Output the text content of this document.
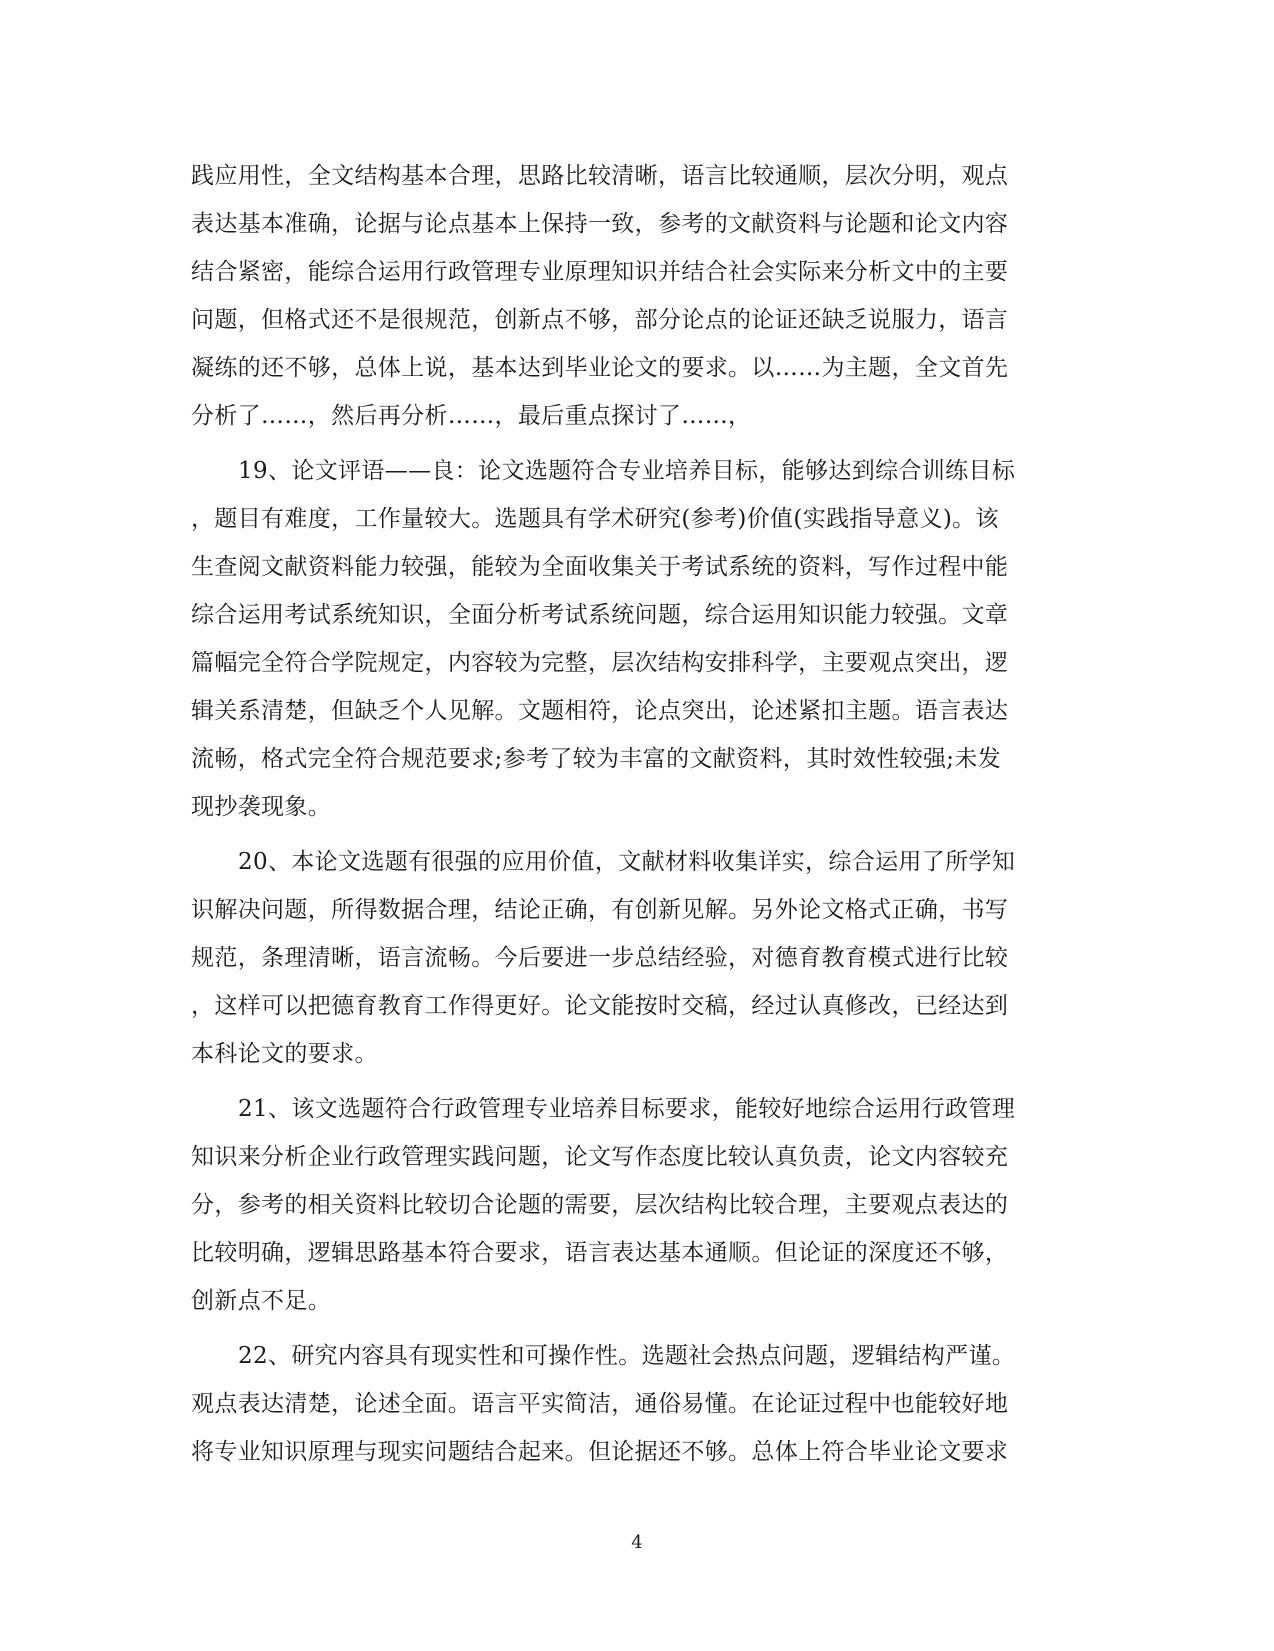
践应用性，全文结构基本合理，思路比较清晰，语言比较通顺，层次分明，观点
表达基本准确，论据与论点基本上保持一致，参考的文献资料与论题和论文内容
结合紧密，能综合运用行政管理专业原理知识并结合社会实际来分析文中的主要
问题，但格式还不是很规范，创新点不够，部分论点的论证还缺乏说服力，语言
凝练的还不够，总体上说，基本达到毕业论文的要求。以……为主题，全文首先
分析了……，然后再分析……，最后重点探讨了……，
19、论文评语——良：论文选题符合专业培养目标，能够达到综合训练目标
，题目有难度，工作量较大。选题具有学术研究(参考)价值(实践指导意义)。该
生查阅文献资料能力较强，能较为全面收集关于考试系统的资料，写作过程中能
综合运用考试系统知识，全面分析考试系统问题，综合运用知识能力较强。文章
篇幅完全符合学院规定，内容较为完整，层次结构安排科学，主要观点突出，逻
辑关系清楚，但缺乏个人见解。文题相符，论点突出，论述紧扣主题。语言表达
流畅，格式完全符合规范要求;参考了较为丰富的文献资料，其时效性较强;未发
现抄袭现象。
20、本论文选题有很强的应用价值，文献材料收集详实，综合运用了所学知
识解决问题，所得数据合理，结论正确，有创新见解。另外论文格式正确，书写
规范，条理清晰，语言流畅。今后要进一步总结经验，对德育教育模式进行比较
，这样可以把德育教育工作得更好。论文能按时交稿，经过认真修改，已经达到
本科论文的要求。
21、该文选题符合行政管理专业培养目标要求，能较好地综合运用行政管理
知识来分析企业行政管理实践问题，论文写作态度比较认真负责，论文内容较充
分，参考的相关资料比较切合论题的需要，层次结构比较合理，主要观点表达的
比较明确，逻辑思路基本符合要求，语言表达基本通顺。但论证的深度还不够，
创新点不足。
22、研究内容具有现实性和可操作性。选题社会热点问题，逻辑结构严谨。
观点表达清楚，论述全面。语言平实简洁，通俗易懂。在论证过程中也能较好地
将专业知识原理与现实问题结合起来。但论据还不够。总体上符合毕业论文要求
4
